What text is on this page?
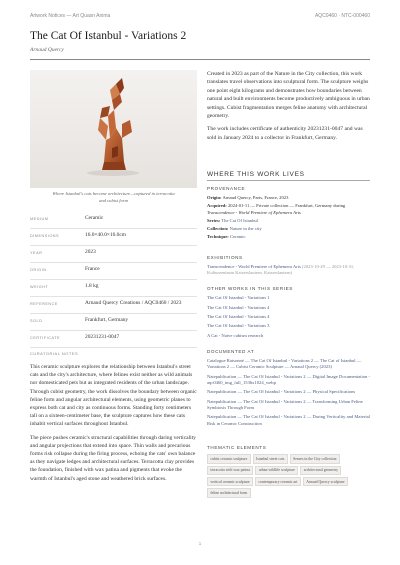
Artwork Notices — Art Quasn Anima	AQC0460 · NTC-000460
The Cat Of Istanbul - Variations 2
Arnaud Quercy
Where Istanbul's cats become architecture—captured in terracotta and cubist form
MEDIUM	Ceramic
DIMENSIONS	16.0×40.0×16.0cm
YEAR	2023
ORIGIN	France
WEIGHT	1.8 kg
REFERENCE	Arnaud Quercy Creations / AQC0460 / 2023
SOLD	Frankfurt, Germany
CERTIFICATE	20231231-0047
CURATORIAL NOTES

This ceramic sculpture explores the relationship between Istanbul's street cats and the city's architecture, where felines exist neither as wild animals nor domesticated pets but as integrated residents of the urban landscape. Through cubist geometry, the work dissolves the boundary between organic feline form and angular architectural elements, using geometric planes to express both cat and city as continuous forms. Standing forty centimeters tall on a sixteen-centimeter base, the sculpture captures how these cats inhabit vertical surfaces throughout Istanbul.

The piece pushes ceramic's structural capabilities through daring verticality and angular projections that extend into space. Thin walls and precarious forms risk collapse during the firing process, echoing the cats' own balance as they navigate ledges and architectural surfaces. Terracotta clay provides the foundation, finished with wax patina and pigments that evoke the warmth of Istanbul's aged stone and weathered brick surfaces.

Created in 2023 as part of the Nature in the City collection, this work translates travel observations into sculptural form. The sculpture weighs one point eight kilograms and demonstrates how boundaries between natural and built environments become productively ambiguous in urban settings. Cubist fragmentation merges feline anatomy with architectural geometry.

The work includes certificate of authenticity 20231231-0047 and was sold in January 2024 to a collector in Frankfurt, Germany.

WHERE THIS WORK LIVES
PROVENANCE
Origin: Arnaud Quercy, Paris, France, 2023
Acquired: 2024-01-11 — Private collection — Frankfurt, Germany during Transcendence - World Premiere of Ephemera Arts
Series: The Cat Of Istanbul
Collection: Nature in the city
Technique: Ceramic
EXHIBITIONS
Transcendence - World Premiere of Ephemera Arts (2023-10-29 — 2023-10-31, Kulturzentrum Kaiserslautern, Kaiserslautern)
OTHER WORKS IN THIS SERIES
The Cat Of Istanbul - Variations 1
The Cat Of Istanbul - Variations 4
The Cat Of Istanbul - Variations 4
The Cat Of Istanbul - Variations 3
A Cat - Naive cubism research
DOCUMENTED AT
Catalogue Raisonné — The Cat Of Istanbul - Variations 2 — The Cat of Istanbul — Variations 2 — Cubist Ceramic Sculpture — Arnaud Quercy (2023)
Natepublication — The Cat Of Istanbul - Variations 2 — Digital Image Documentation - aqc0460_img_full_1536x1024_webp
Natepublication — The Cat Of Istanbul - Variations 2 — Physical Specifications
Natepublication — The Cat Of Istanbul - Variations 2 — Transforming Urban Feline Symbiosis Through Form
Natepublication — The Cat Of Istanbul - Variations 2 — Daring Verticality and Material Risk in Ceramic Construction
THEMATIC ELEMENTS
cubist ceramic sculpture	Istanbul street cats	Senses in the City collection
terracotta with wax patina	urban wildlife sculpture	architectural geometry
vertical ceramic sculpture	contemporary ceramic art	Arnaud Quercy sculpture
feline architectural form
1
